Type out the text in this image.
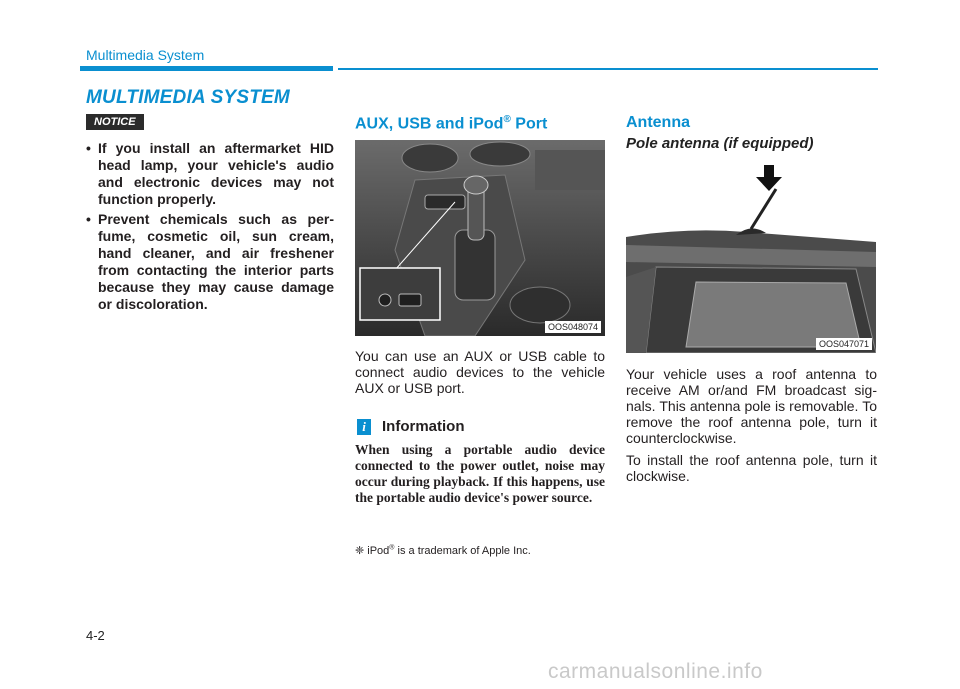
Multimedia System
MULTIMEDIA SYSTEM
NOTICE
• If you install an aftermarket HID head lamp, your vehicle's audio and electronic devices may not function properly.
• Prevent chemicals such as per-fume, cosmetic oil, sun cream, hand cleaner, and air freshener from contacting the interior parts because they may cause damage or discoloration.
AUX, USB and iPod® Port
OOS048074
You can use an AUX or USB cable to connect audio devices to the vehicle AUX or USB port.
i	Information
When using a portable audio device connected to the power outlet, noise may occur during playback. If this happens, use the portable audio device's power source.
❈ iPod® is a trademark of Apple Inc.
Antenna
Pole antenna (if equipped)
OOS047071
Your vehicle uses a roof antenna to receive AM or/and FM broadcast sig-nals. This antenna pole is removable. To remove the roof antenna pole, turn it counterclockwise.
To install the roof antenna pole, turn it clockwise.
4-2
carmanualsonline.info
